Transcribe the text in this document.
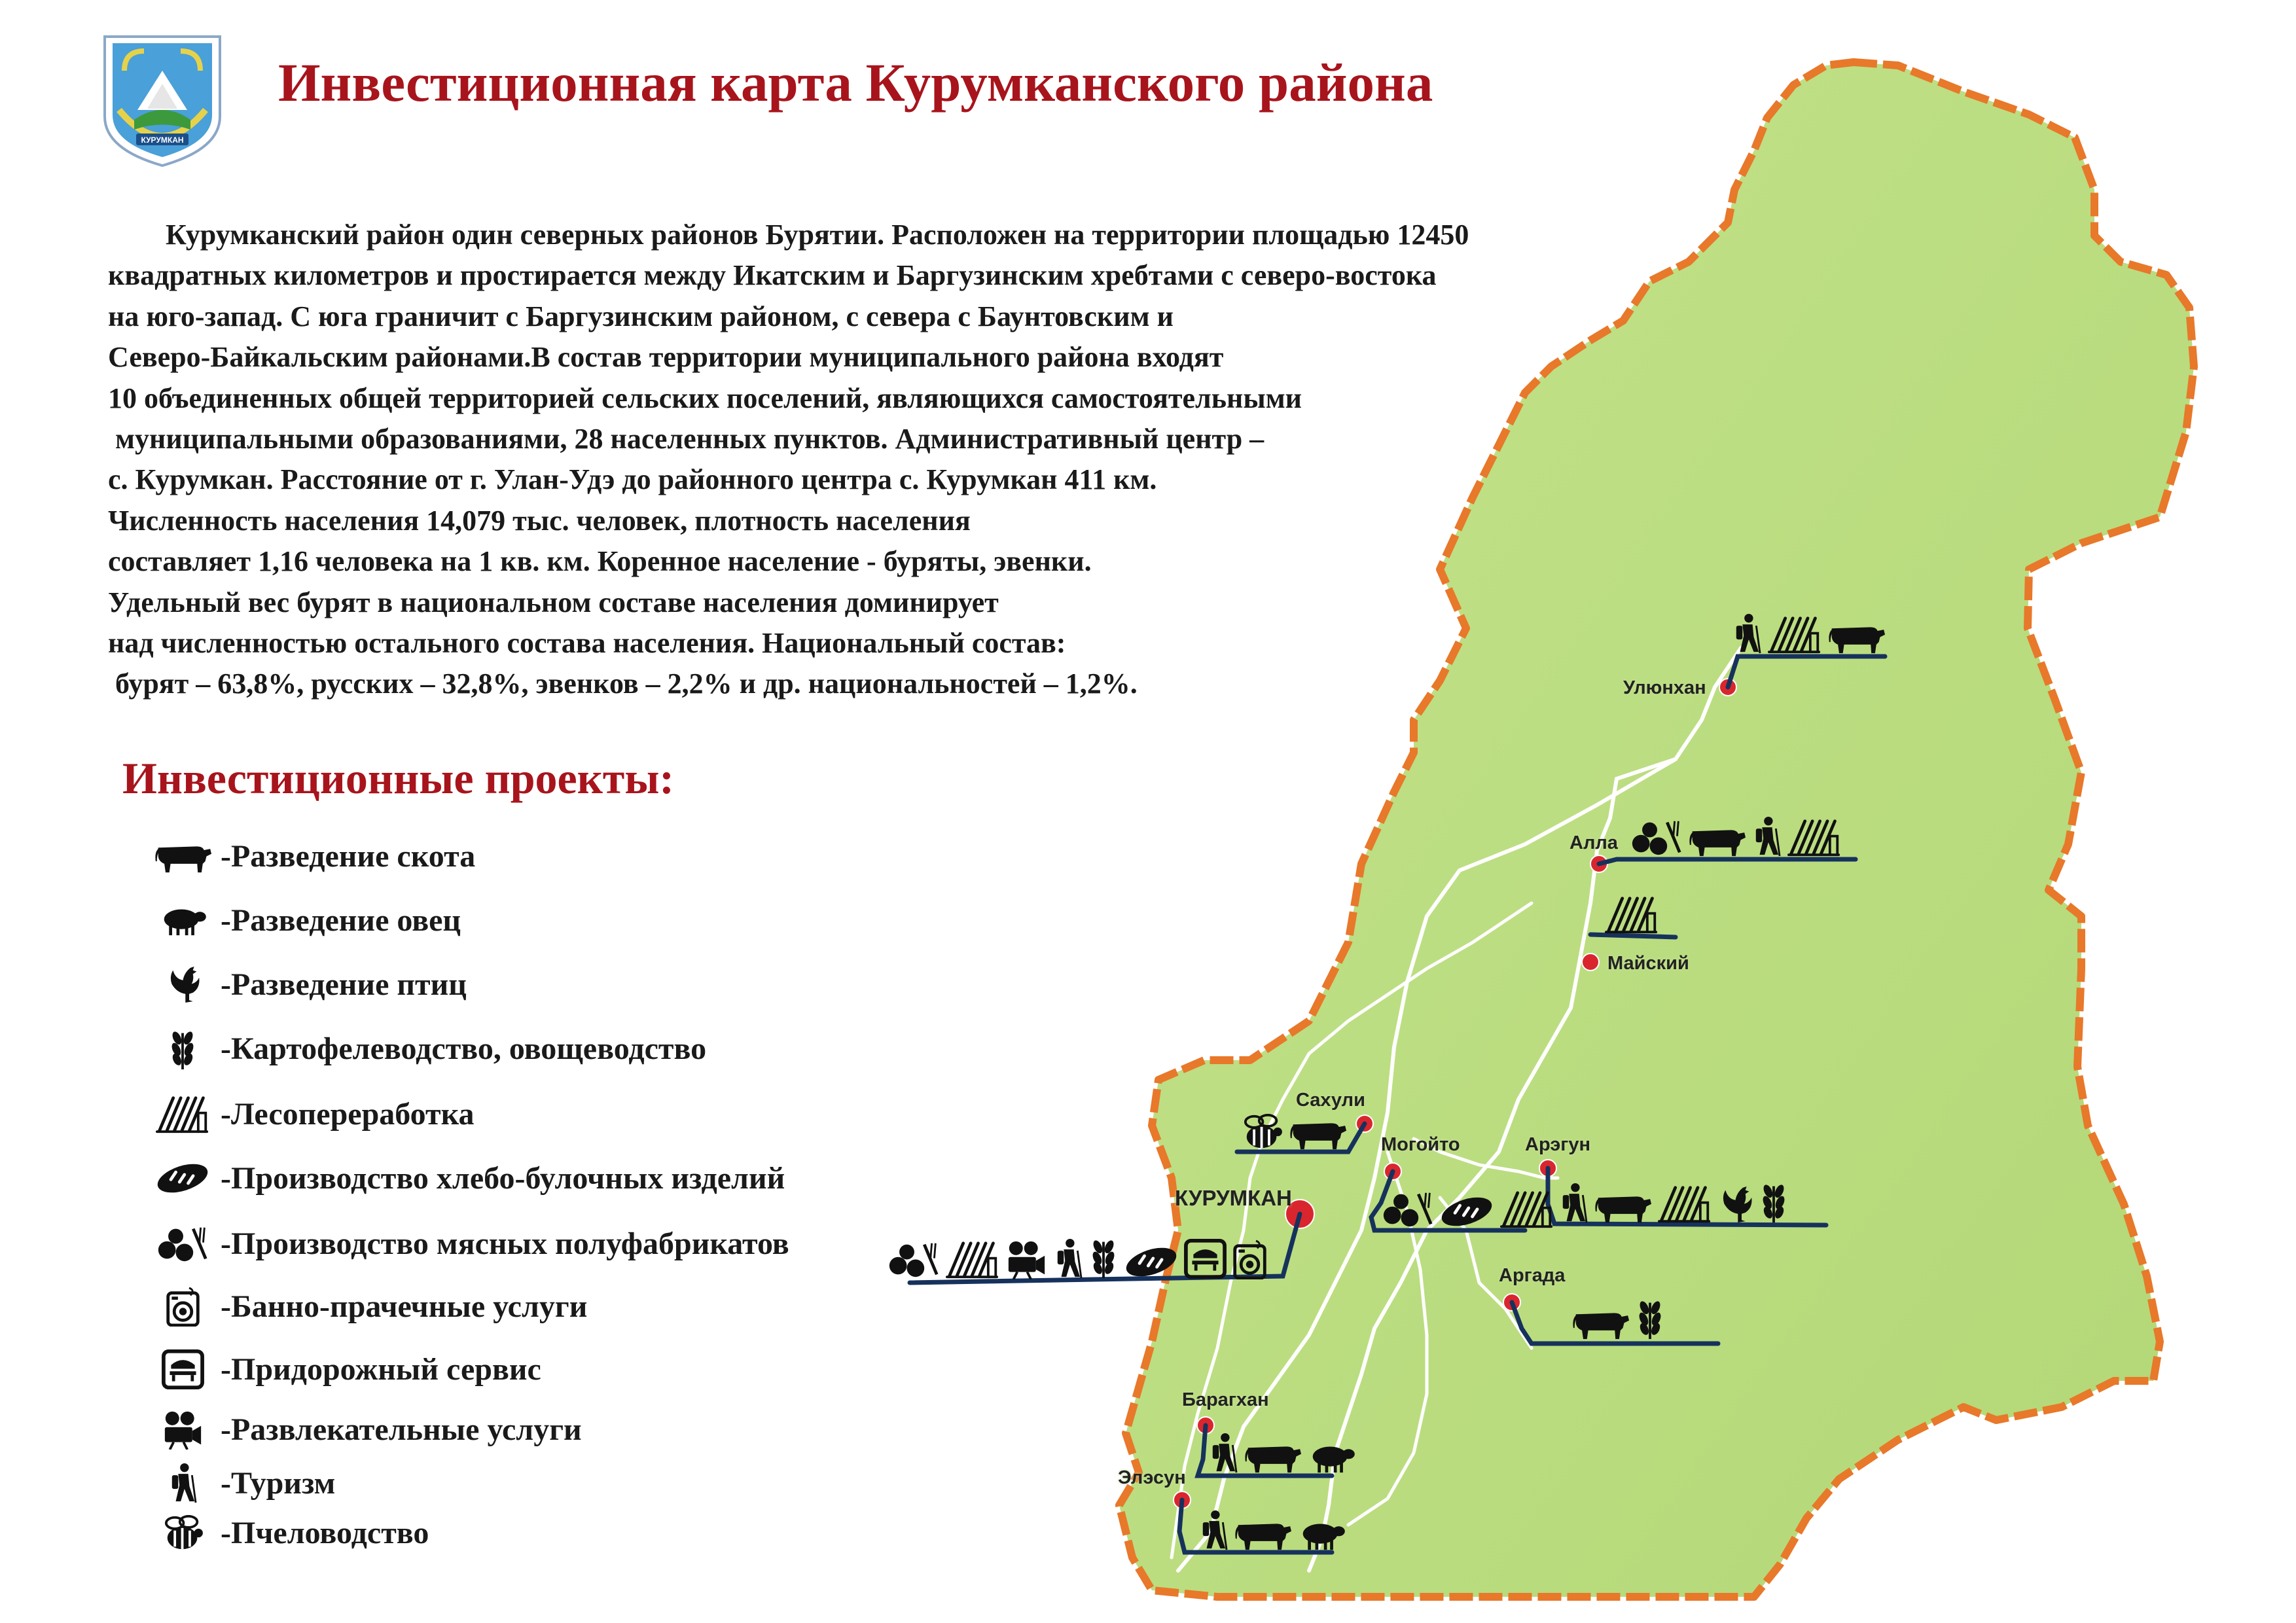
КУРУМКАН
Инвестиционная карта Курумканского района
Курумканский район один северных районов Бурятии. Расположен на территории площадью 12450
квадратных километров и простирается между Икатским и Баргузинским хребтами с северо-востока
на юго-запад. С юга граничит с Баргузинским районом, с севера с Баунтовским и
Северо-Байкальским районами.В состав территории муниципального района входят
10 объединенных общей территорией сельских поселений, являющихся самостоятельными
муниципальными образованиями, 28 населенных пунктов. Административный центр –
с. Курумкан. Расстояние от г. Улан-Удэ до районного центра с. Курумкан 411 км.
Численность населения 14,079 тыс. человек, плотность населения
составляет 1,16 человека на 1 кв. км. Коренное население - буряты, эвенки.
Удельный вес бурят в национальном составе населения доминирует
над численностью остального состава населения. Национальный состав:
бурят – 63,8%, русских – 32,8%, эвенков – 2,2% и др. национальностей – 1,2%.
Инвестиционные проекты:
-Разведение скота
-Разведение овец
-Разведение птиц
-Картофелеводство, овощеводство
-Лесопереработка
-Производство хлебо-булочных изделий
-Производство мясных полуфабрикатов
-Банно-прачечные услуги
-Придорожный сервис
-Развлекательные услуги
-Туризм
-Пчеловодство
Улюнхан
Алла
Майский
Сахули
Могойто	Арэгун
КУРУМКАН
Аргада
Барагхан
Элэсун
